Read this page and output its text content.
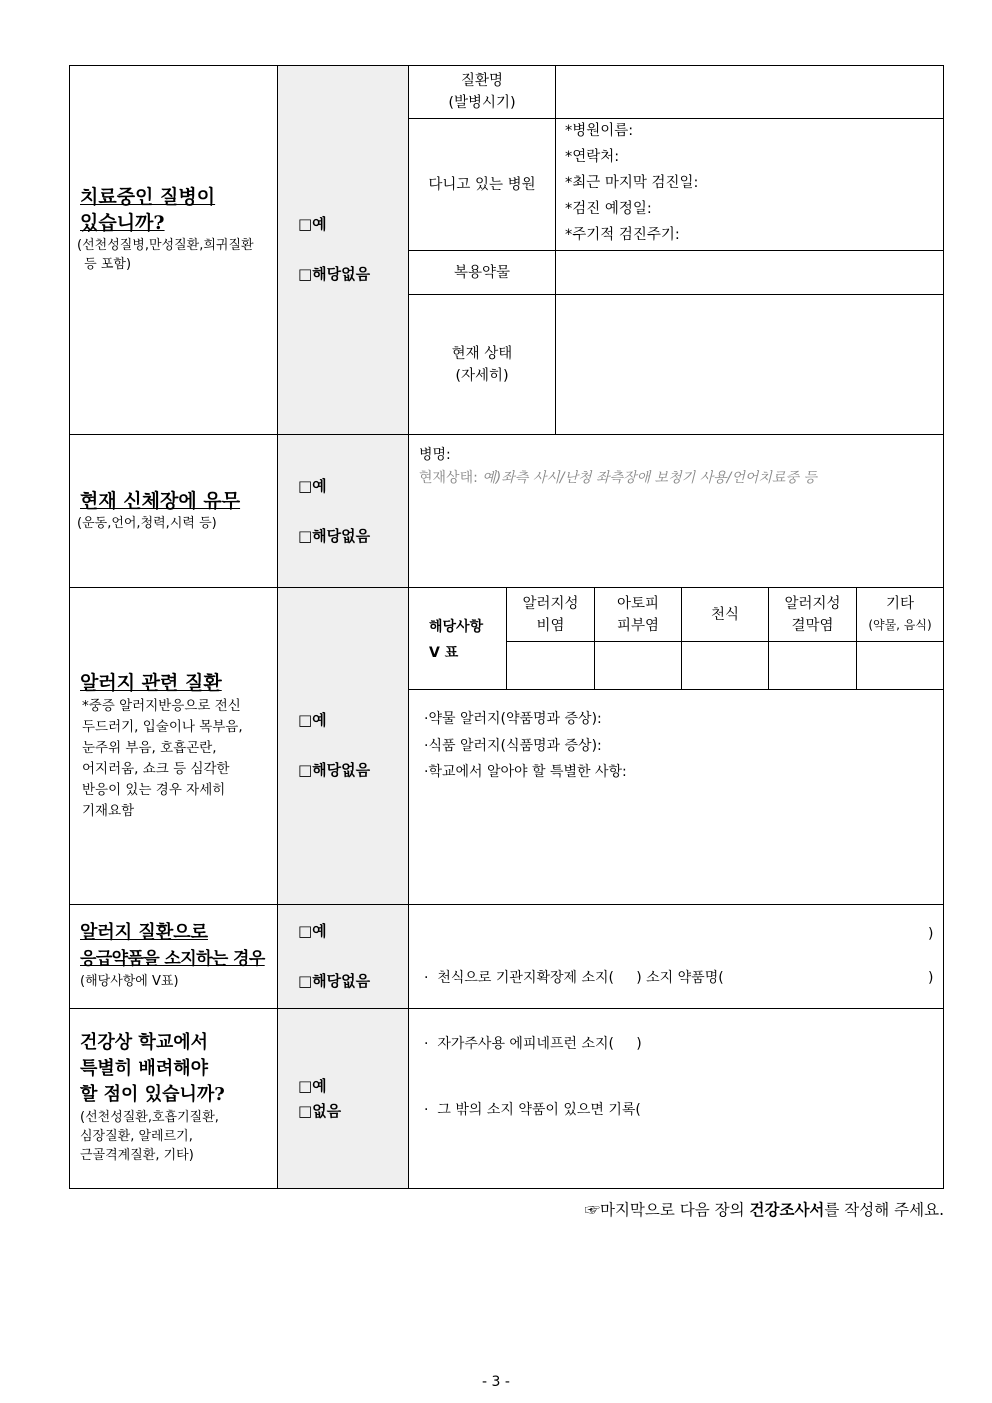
치료중인 질병이
있습니까?
(선천성질병,만성질환,희귀질환
등 포함)
□예
□해당없음
질환명
(발병시기)
다니고 있는 병원
*병원이름:
*연락처:
*최근 마지막 검진일:
*검진 예정일:
*주기적 검진주기:
복용약물
현재 상태
(자세히)
현재 신체장에 유무
(운동,언어,청력,시력 등)
□예
□해당없음
병명:
현재상태: 예)좌측 사시/난청 좌측장애 보청기 사용/언어치료중 등
알러지 관련 질환
*중증 알러지반응으로 전신
두드러기, 입술이나 목부음,
눈주위 부음, 호흡곤란,
어지러움, 쇼크 등 심각한
반응이 있는 경우 자세히
기재요함
□예
□해당없음
해당사항
V 표
알러지성
비염
아토피
피부염
천식
알러지성
결막염
기타
(약물, 음식)
·약물 알러지(약품명과 증상):
·식품 알러지(식품명과 증상):
·학교에서 알아야 할 특별한 사항:
알러지 질환으로
응급약품을 소지하는 경우
(해당사항에 V표)
□예
□해당없음

	·  천식으로 기관지확장제 소지(     ) 소지 약품명(

·  자가주사용 에피네프런 소지(     )

·  그 밖의 소지 약품이 있으면 기록(

)
)
건강상 학교에서
특별히 배려해야
할 점이 있습니까?
(선천성질환,호흡기질환,
심장질환, 알레르기,
근골격계질환, 기타)
□예
□없음
☞마지막으로 다음 장의 건강조사서를 작성해 주세요.
- 3 -
